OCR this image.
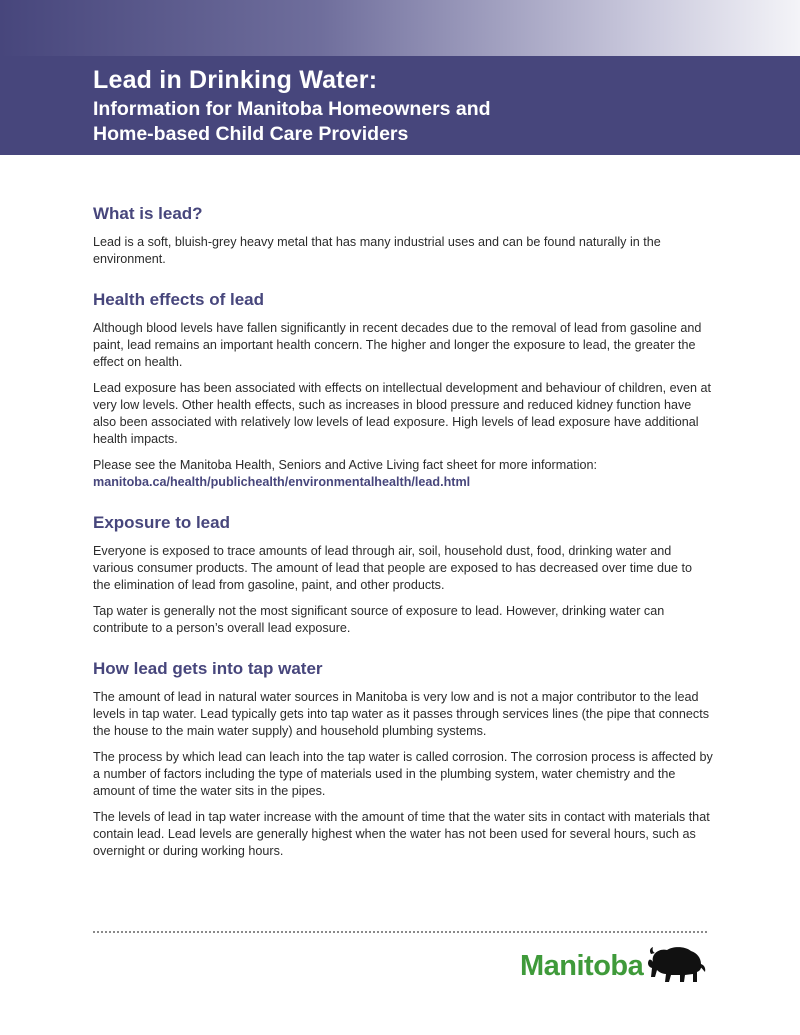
Lead in Drinking Water:
Information for Manitoba Homeowners and
Home-based Child Care Providers
What is lead?

Lead is a soft, bluish-grey heavy metal that has many industrial uses and can be found naturally in the environment.

Health effects of lead

Although blood levels have fallen significantly in recent decades due to the removal of lead from gasoline and paint, lead remains an important health concern. The higher and longer the exposure to lead, the greater the effect on health.

Lead exposure has been associated with effects on intellectual development and behaviour of children, even at very low levels. Other health effects, such as increases in blood pressure and reduced kidney function have also been associated with relatively low levels of lead exposure. High levels of lead exposure have additional health impacts.

Please see the Manitoba Health, Seniors and Active Living fact sheet for more information:
manitoba.ca/health/publichealth/environmentalhealth/lead.html

Exposure to lead

Everyone is exposed to trace amounts of lead through air, soil, household dust, food, drinking water and various consumer products. The amount of lead that people are exposed to has decreased over time due to the elimination of lead from gasoline, paint, and other products.

Tap water is generally not the most significant source of exposure to lead. However, drinking water can contribute to a person’s overall lead exposure.

How lead gets into tap water

The amount of lead in natural water sources in Manitoba is very low and is not a major contributor to the lead levels in tap water. Lead typically gets into tap water as it passes through services lines (the pipe that connects the house to the main water supply) and household plumbing systems.

The process by which lead can leach into the tap water is called corrosion. The corrosion process is affected by a number of factors including the type of materials used in the plumbing system, water chemistry and the amount of time the water sits in the pipes.

The levels of lead in tap water increase with the amount of time that the water sits in contact with materials that contain lead. Lead levels are generally highest when the water has not been used for several hours, such as overnight or during working hours.

Manitoba
